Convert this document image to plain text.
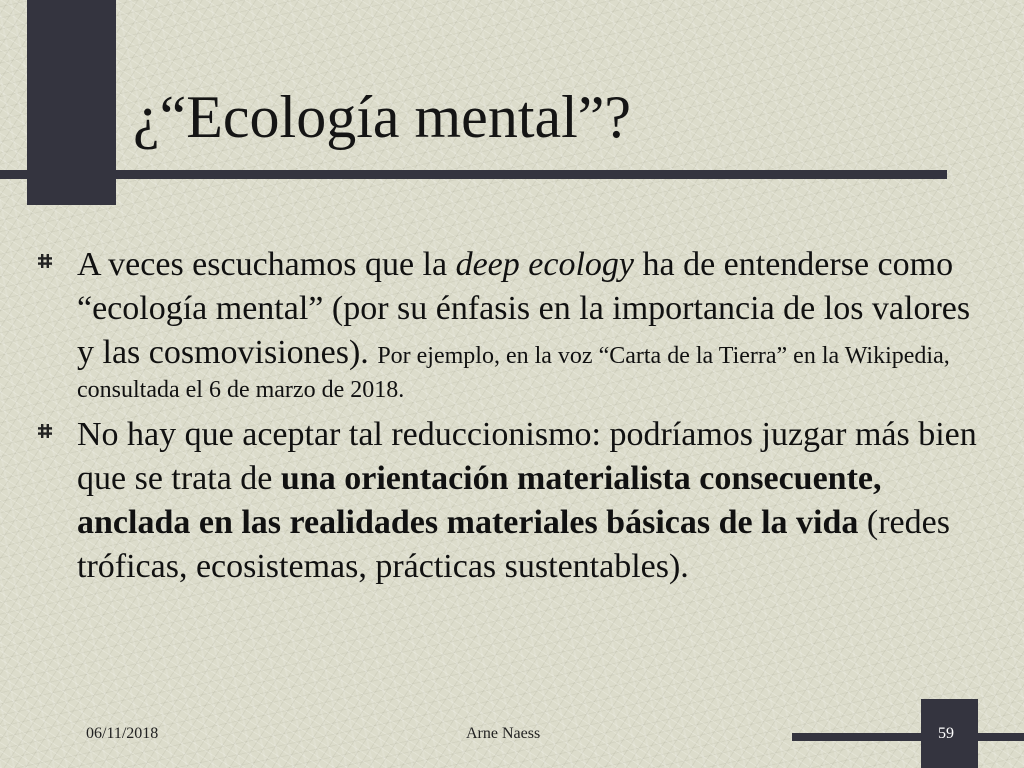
¿“Ecología mental”?
A veces escuchamos que la deep ecology ha de entenderse como “ecología mental” (por su énfasis en la importancia de los valores y las cosmovisiones). Por ejemplo, en la voz “Carta de la Tierra” en la Wikipedia, consultada el 6 de marzo de 2018.
No hay que aceptar tal reduccionismo: podríamos juzgar más bien que se trata de una orientación materialista consecuente, anclada en las realidades materiales básicas de la vida (redes tróficas, ecosistemas, prácticas sustentables).
06/11/2018	Arne Naess	59
